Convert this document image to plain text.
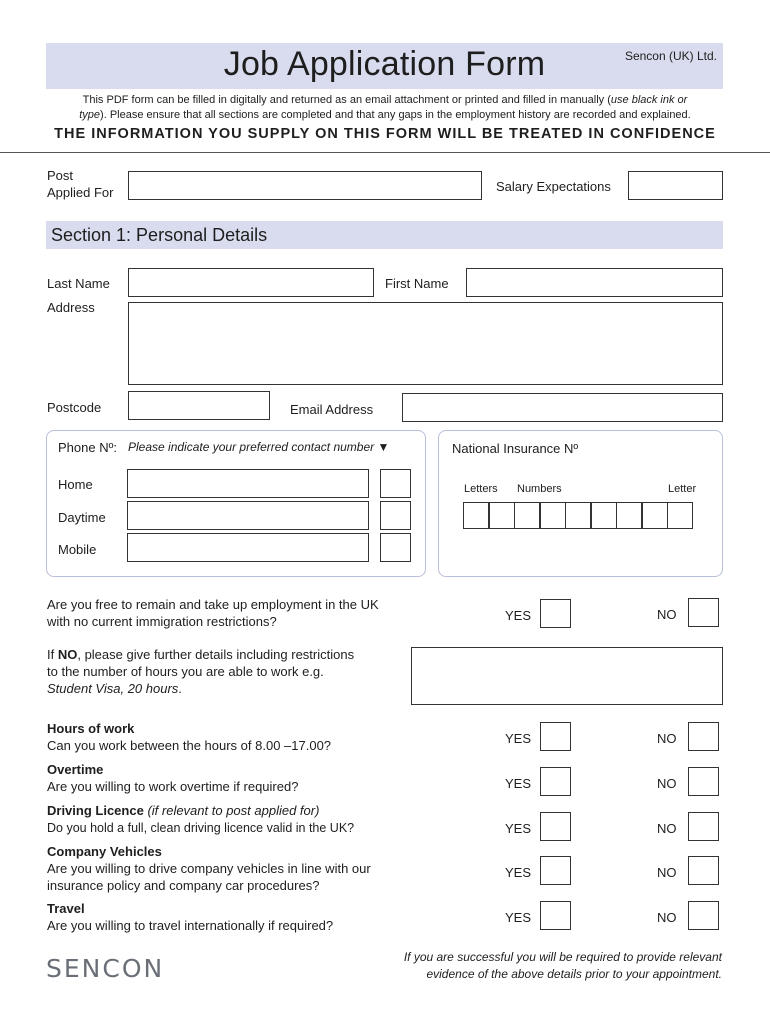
Job Application Form	Sencon (UK) Ltd.
This PDF form can be filled in digitally and returned as an email attachment or printed and filled in manually (use black ink or
type). Please ensure that all sections are completed and that any gaps in the employment history are recorded and explained.
THE INFORMATION YOU SUPPLY ON THIS FORM WILL BE TREATED IN CONFIDENCE
Post
Applied For	Salary Expectations
Section 1: Personal Details
Last Name	First Name
Address
Postcode	Email Address
Phone Nº: Please indicate your preferred contact number ▼
Home
Daytime
Mobile
National Insurance Nº
Letters Numbers	Letter
Are you free to remain and take up employment in the UK
with no current immigration restrictions?	YES	NO
If NO, please give further details including restrictions
to the number of hours you are able to work e.g.
Student Visa, 20 hours.
Hours of work
Can you work between the hours of 8.00 –17.00?	YES	NO
Overtime
Are you willing to work overtime if required?	YES	NO
Driving Licence (if relevant to post applied for)
Do you hold a full, clean driving licence valid in the UK?	YES	NO
Company Vehicles
Are you willing to drive company vehicles in line with our
insurance policy and company car procedures?
YES	NO
Travel
Are you willing to travel internationally if required?
YES	NO
SENCON	If you are successful you will be required to provide relevant
evidence of the above details prior to your appointment.
